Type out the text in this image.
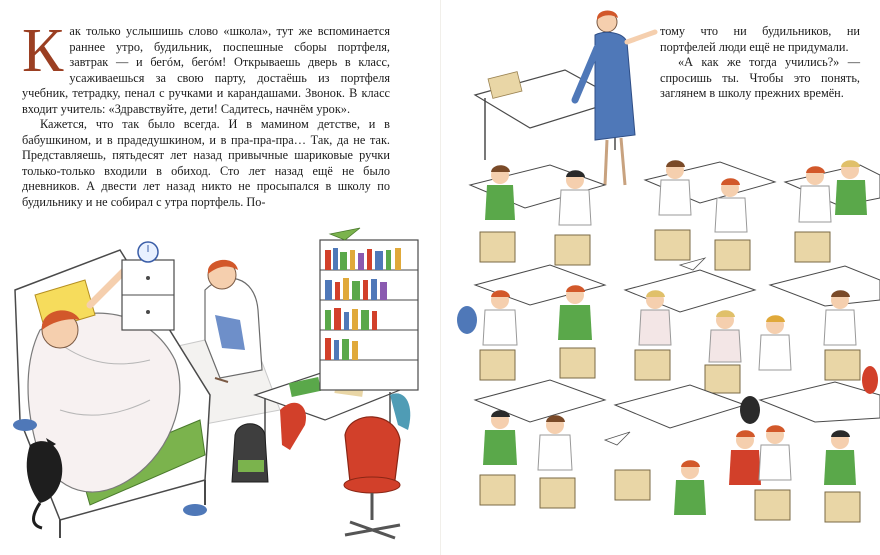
Как только услышишь слово «школа», тут же вспоминается раннее утро, будильник, поспешные сборы портфеля, завтрак — и бегóм, бегóм! Открываешь дверь в класс, усаживаешься за свою парту, достаёшь из портфеля учебник, тетрадку, пенал с ручками и карандашами. Звонок. В класс входит учитель: «Здравствуйте, дети! Садитесь, начнём урок».

Кажется, что так было всегда. И в мамином детстве, и в бабушкином, и в прадедушкином, и в пра-пра-пра… Так, да не так. Представляешь, пятьдесят лет назад привычные шариковые ручки только-только входили в обиход. Сто лет назад ещё не было дневников. А двести лет назад никто не просыпался в школу по будильнику и не собирал с утра портфель. По-

тому что ни будильников, ни портфелей люди ещё не придумали.

«А как же тогда учились?» — спросишь ты. Чтобы это понять, заглянем в школу прежних времён.
